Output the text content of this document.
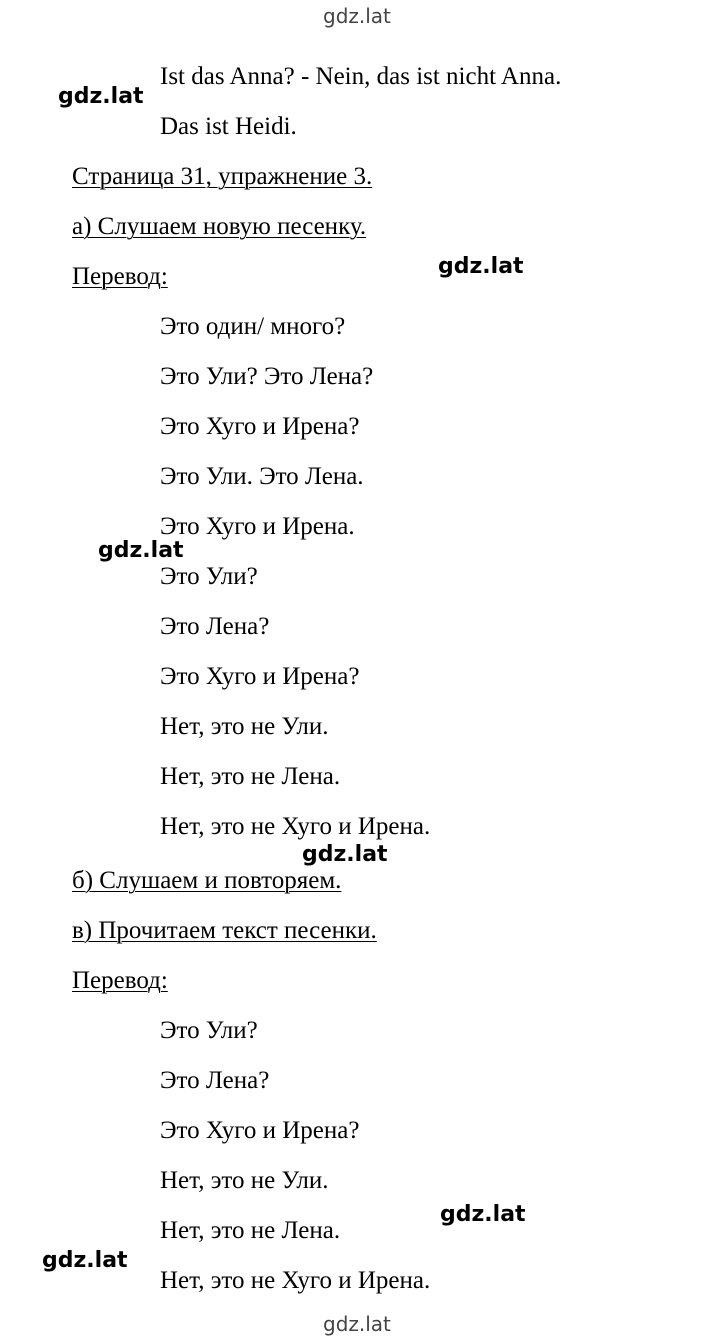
gdz.lat
Ist das Anna? - Nein, das ist nicht Anna.
Das ist Heidi.
Страница 31, упражнение 3.
а) Слушаем новую песенку.
Перевод:
Это один/ много?
Это Ули? Это Лена?
Это Хуго и Ирена?
Это Ули. Это Лена.
Это Хуго и Ирена.
Это Ули?
Это Лена?
Это Хуго и Ирена?
Нет, это не Ули.
Нет, это не Лена.
Нет, это не Хуго и Ирена.
б) Слушаем и повторяем.
в) Прочитаем текст песенки.
Перевод:
Это Ули?
Это Лена?
Это Хуго и Ирена?
Нет, это не Ули.
Нет, это не Лена.
Нет, это не Хуго и Ирена.
gdz.lat
gdz.lat
gdz.lat
gdz.lat
gdz.lat
gdz.lat
gdz.lat
